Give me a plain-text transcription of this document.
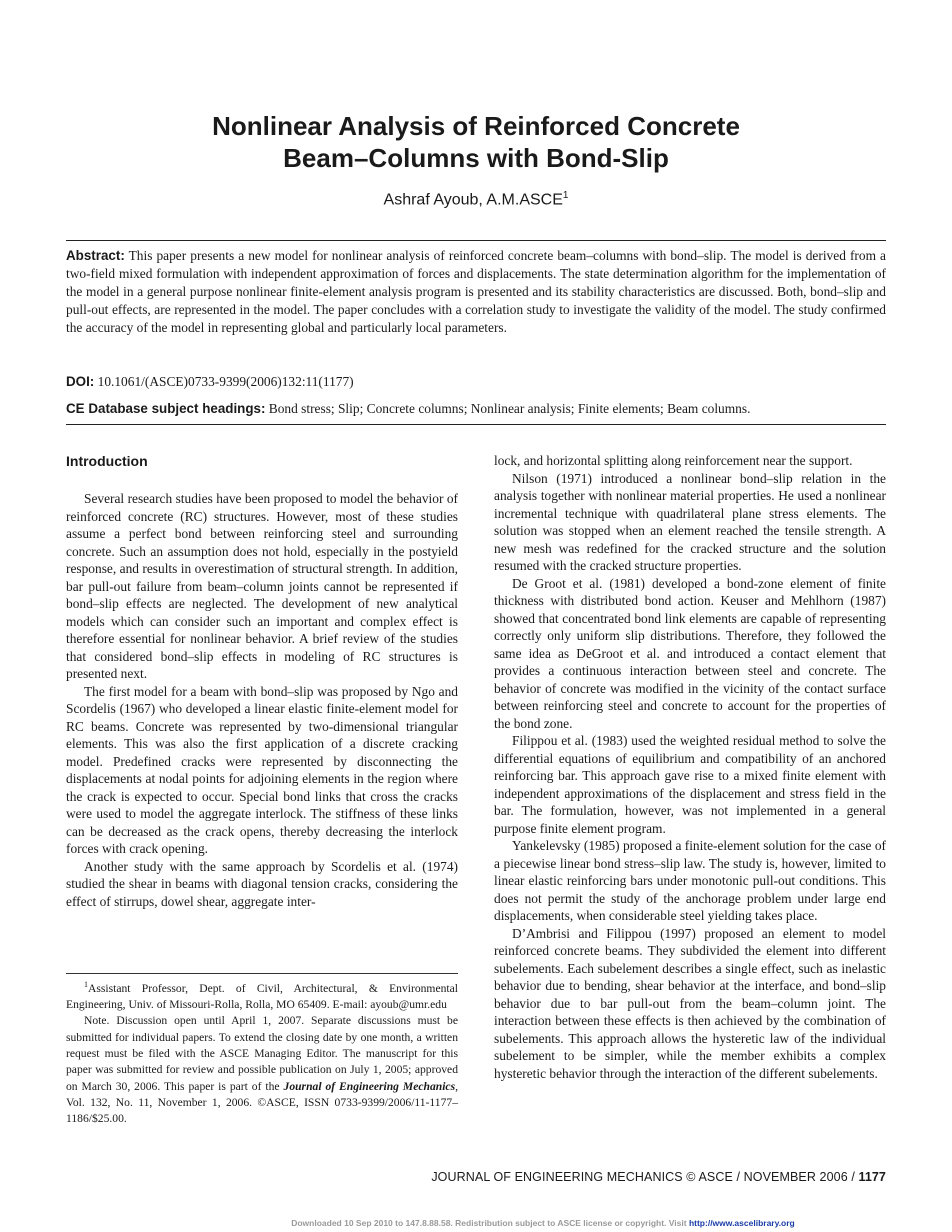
Nonlinear Analysis of Reinforced Concrete
Beam–Columns with Bond-Slip
Ashraf Ayoub, A.M.ASCE$^1$
Abstract: This paper presents a new model for nonlinear analysis of reinforced concrete beam–columns with bond–slip. The model is derived from a two-field mixed formulation with independent approximation of forces and displacements. The state determination algorithm for the implementation of the model in a general purpose nonlinear finite-element analysis program is presented and its stability characteristics are discussed. Both, bond–slip and pull-out effects, are represented in the model. The paper concludes with a correlation study to investigate the validity of the model. The study confirmed the accuracy of the model in representing global and particularly local parameters.
DOI: 10.1061/(ASCE)0733-9399(2006)132:11(1177)
CE Database subject headings: Bond stress; Slip; Concrete columns; Nonlinear analysis; Finite elements; Beam columns.
Introduction

Several research studies have been proposed to model the behavior of reinforced concrete (RC) structures. However, most of these studies assume a perfect bond between reinforcing steel and surrounding concrete. Such an assumption does not hold, especially in the postyield response, and results in overestimation of structural strength. In addition, bar pull-out failure from beam–column joints cannot be represented if bond–slip effects are neglected. The development of new analytical models which can consider such an important and complex effect is therefore essential for nonlinear behavior. A brief review of the studies that considered bond–slip effects in modeling of RC structures is presented next.

The first model for a beam with bond–slip was proposed by Ngo and Scordelis (1967) who developed a linear elastic finite-element model for RC beams. Concrete was represented by two-dimensional triangular elements. This was also the first application of a discrete cracking model. Predefined cracks were represented by disconnecting the displacements at nodal points for adjoining elements in the region where the crack is expected to occur. Special bond links that cross the cracks were used to model the aggregate interlock. The stiffness of these links can be decreased as the crack opens, thereby decreasing the interlock forces with crack opening.

Another study with the same approach by Scordelis et al. (1974) studied the shear in beams with diagonal tension cracks, considering the effect of stirrups, dowel shear, aggregate inter-

$^1$Assistant Professor, Dept. of Civil, Architectural, & Environmental Engineering, Univ. of Missouri-Rolla, Rolla, MO 65409. E-mail: ayoub@umr.edu

Note. Discussion open until April 1, 2007. Separate discussions must be submitted for individual papers. To extend the closing date by one month, a written request must be filed with the ASCE Managing Editor. The manuscript for this paper was submitted for review and possible publication on July 1, 2005; approved on March 30, 2006. This paper is part of the Journal of Engineering Mechanics, Vol. 132, No. 11, November 1, 2006. ©ASCE, ISSN 0733-9399/2006/11-1177–1186/$25.00.

lock, and horizontal splitting along reinforcement near the support.

Nilson (1971) introduced a nonlinear bond–slip relation in the analysis together with nonlinear material properties. He used a nonlinear incremental technique with quadrilateral plane stress elements. The solution was stopped when an element reached the tensile strength. A new mesh was redefined for the cracked structure and the solution resumed with the cracked structure properties.

De Groot et al. (1981) developed a bond-zone element of finite thickness with distributed bond action. Keuser and Mehlhorn (1987) showed that concentrated bond link elements are capable of representing correctly only uniform slip distributions. Therefore, they followed the same idea as DeGroot et al. and introduced a contact element that provides a continuous interaction between steel and concrete. The behavior of concrete was modified in the vicinity of the contact surface between reinforcing steel and concrete to account for the properties of the bond zone.

Filippou et al. (1983) used the weighted residual method to solve the differential equations of equilibrium and compatibility of an anchored reinforcing bar. This approach gave rise to a mixed finite element with independent approximations of the displacement and stress field in the bar. The formulation, however, was not implemented in a general purpose finite element program.

Yankelevsky (1985) proposed a finite-element solution for the case of a piecewise linear bond stress–slip law. The study is, however, limited to linear elastic reinforcing bars under monotonic pull-out conditions. This does not permit the study of the anchorage problem under large end displacements, when considerable steel yielding takes place.

D’Ambrisi and Filippou (1997) proposed an element to model reinforced concrete beams. They subdivided the element into different subelements. Each subelement describes a single effect, such as inelastic behavior due to bending, shear behavior at the interface, and bond–slip behavior due to bar pull-out from the beam–column joint. The interaction between these effects is then achieved by the combination of subelements. This approach allows the hysteretic law of the individual subelement to be simpler, while the member exhibits a complex hysteretic behavior through the interaction of the different subelements.

JOURNAL OF ENGINEERING MECHANICS © ASCE / NOVEMBER 2006 / 1177
Downloaded 10 Sep 2010 to 147.8.88.58. Redistribution subject to ASCE license or copyright. Visit http://www.ascelibrary.org
